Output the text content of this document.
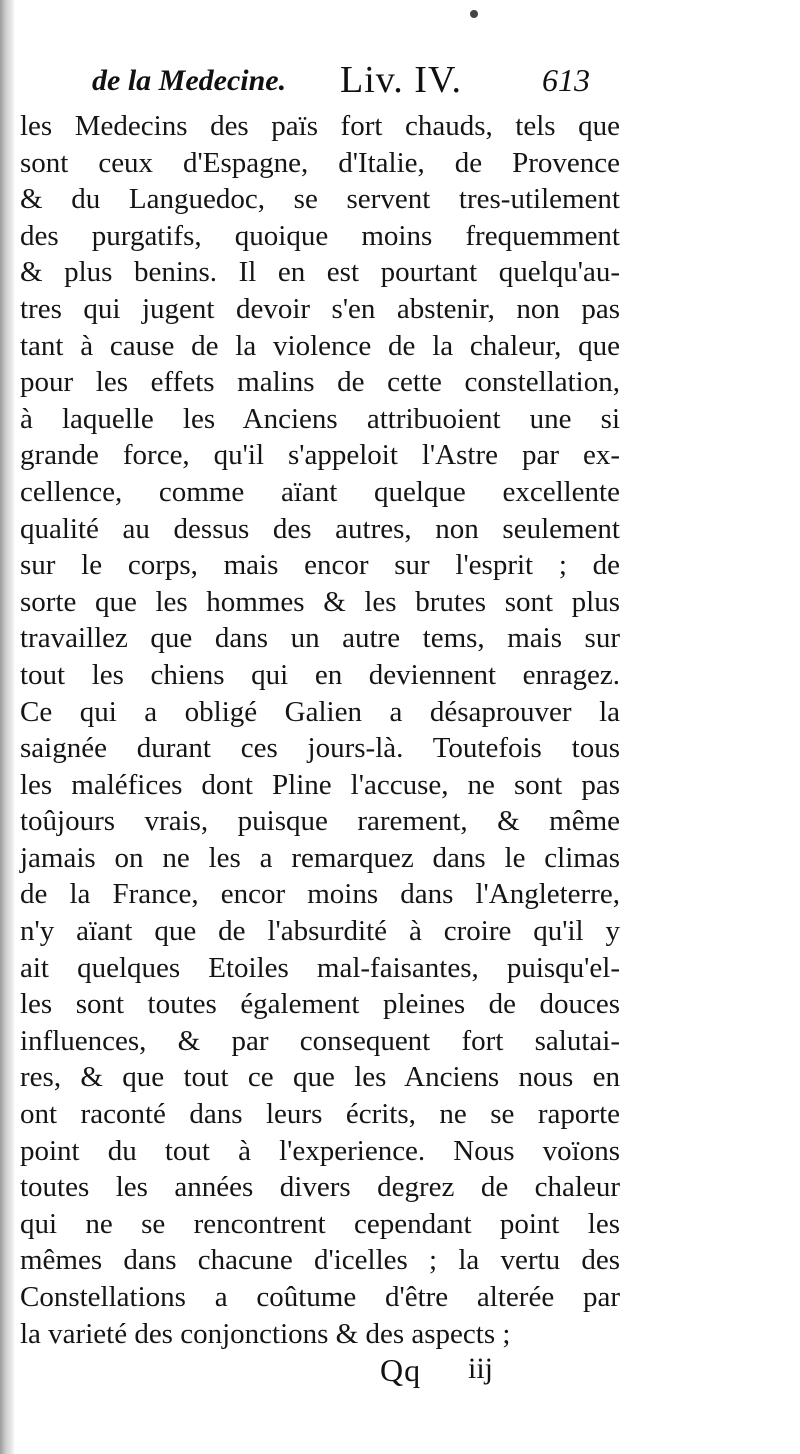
de la Medecine. Liv. IV.	613
les Medecins des païs fort chauds, tels que
sont ceux d'Espagne, d'Italie, de Provence
& du Languedoc, se servent tres-utilement
des purgatifs, quoique moins frequemment
& plus benins. Il en est pourtant quelqu'au-
tres qui jugent devoir s'en abstenir, non pas
tant à cause de la violence de la chaleur, que
pour les effets malins de cette constellation,
à laquelle les Anciens attribuoient une si
grande force, qu'il s'appeloit l'Astre par ex-
cellence, comme aïant quelque excellente
qualité au dessus des autres, non seulement
sur le corps, mais encor sur l'esprit ; de
sorte que les hommes & les brutes sont plus
travaillez que dans un autre tems, mais sur
tout les chiens qui en deviennent enragez.
Ce qui a obligé Galien a désaprouver la
saignée durant ces jours-là. Toutefois tous
les maléfices dont Pline l'accuse, ne sont pas
toûjours vrais, puisque rarement, & même
jamais on ne les a remarquez dans le climas
de la France, encor moins dans l'Angleterre,
n'y aïant que de l'absurdité à croire qu'il y
ait quelques Etoiles mal-faisantes, puisqu'el-
les sont toutes également pleines de douces
influences, & par consequent fort salutai-
res, & que tout ce que les Anciens nous en
ont raconté dans leurs écrits, ne se raporte
point du tout à l'experience. Nous voïons
toutes les années divers degrez de chaleur
qui ne se rencontrent cependant point les
mêmes dans chacune d'icelles ; la vertu des
Constellations a coûtume d'être alterée par
la varieté des conjonctions & des aspects ;
Qq iij
